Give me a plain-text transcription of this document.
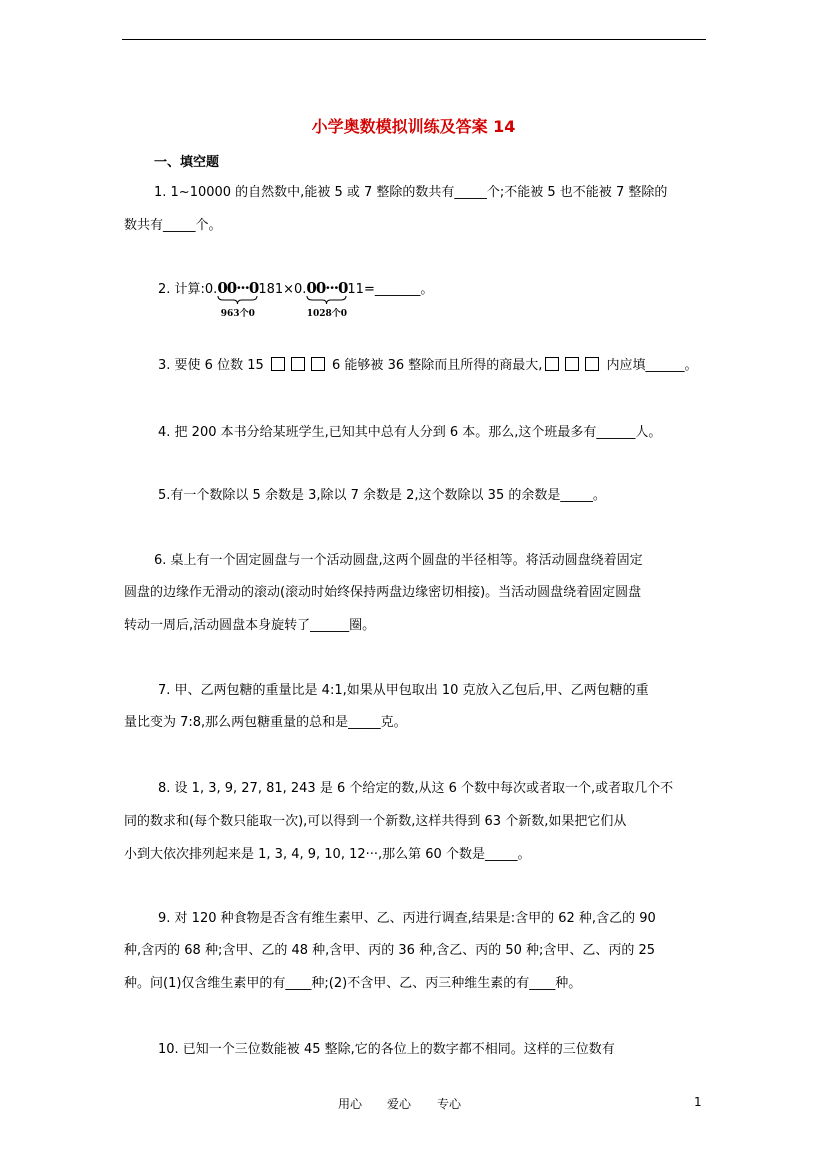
小学奥数模拟训练及答案 14
一、填空题
1. 1~10000 的自然数中,能被 5 或 7 整除的数共有_____个;不能被 5 也不能被 7 整除的
数共有_____个。
2. 计算:0.00···0
963个0
181×0.00···0
1028个0
11=_______。
3. 要使 6 位数 15	6 能够被 36 整除而且所得的商最大,	内应填______。
4. 把 200 本书分给某班学生,已知其中总有人分到 6 本。那么,这个班最多有______人。
5.有一个数除以 5 余数是 3,除以 7 余数是 2,这个数除以 35 的余数是_____。
6. 桌上有一个固定圆盘与一个活动圆盘,这两个圆盘的半径相等。将活动圆盘绕着固定
圆盘的边缘作无滑动的滚动(滚动时始终保持两盘边缘密切相接)。当活动圆盘绕着固定圆盘
转动一周后,活动圆盘本身旋转了______圈。
7. 甲、乙两包糖的重量比是 4:1,如果从甲包取出 10 克放入乙包后,甲、乙两包糖的重
量比变为 7:8,那么两包糖重量的总和是_____克。
8. 设 1, 3, 9, 27, 81, 243 是 6 个给定的数,从这 6 个数中每次或者取一个,或者取几个不
同的数求和(每个数只能取一次),可以得到一个新数,这样共得到 63 个新数,如果把它们从
小到大依次排列起来是 1, 3, 4, 9, 10, 12···,那么第 60 个数是_____。
9. 对 120 种食物是否含有维生素甲、乙、丙进行调查,结果是:含甲的 62 种,含乙的 90
种,含丙的 68 种;含甲、乙的 48 种,含甲、丙的 36 种,含乙、丙的 50 种;含甲、乙、丙的 25
种。问(1)仅含维生素甲的有____种;(2)不含甲、乙、丙三种维生素的有____种。
10. 已知一个三位数能被 45 整除,它的各位上的数字都不相同。这样的三位数有
用心 爱心 专心	1
